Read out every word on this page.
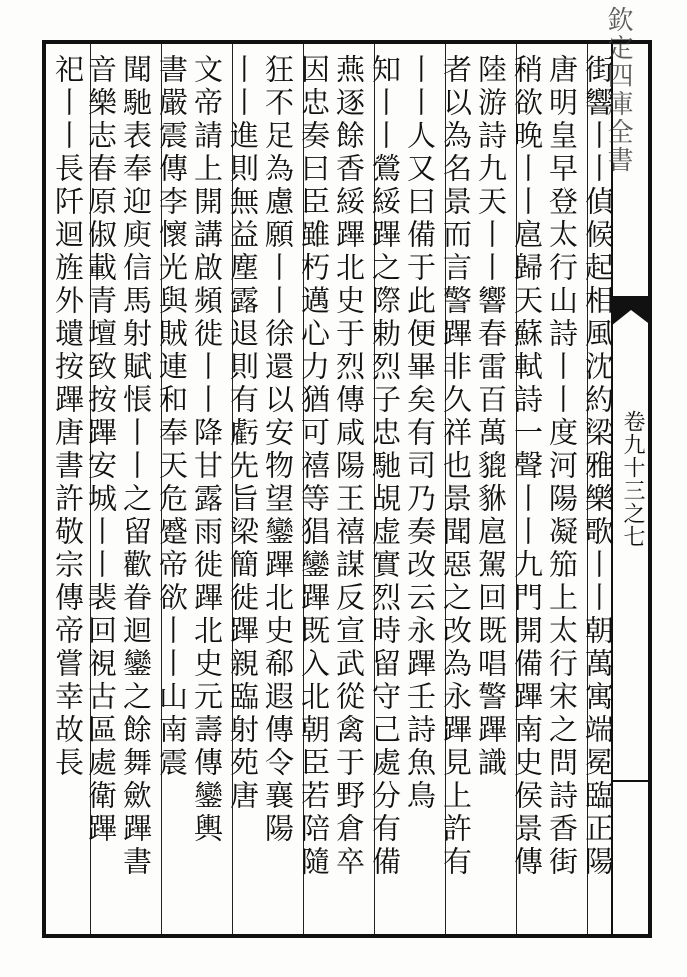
欽定四庫全書
卷九十三之七
街響丨丨偵候起相風沈約梁雅樂歌丨丨朝萬寓端冕臨正陽
唐明皇早登太行山詩丨丨度河陽凝笳上太行宋之問詩香街
稍欲晚丨丨扈歸天蘇軾詩一聲丨丨九門開備蹕南史侯景傳
陸游詩九天丨丨響春雷百萬貔貅扈駕回既唱警蹕識
者以為名景而言警蹕非久祥也景聞惡之改為永蹕見上許有
丨丨人又曰備于此便畢矣有司乃奏改云永蹕壬詩魚鳥
知丨丨鶯綏蹕之際勅烈子忠馳覘虚實烈時留守己處分有備
燕逐餘香綏蹕北史于烈傳咸陽王禧謀反宣武從禽于野倉卒
因忠奏曰臣雖朽邁心力猶可禧等猖鑾蹕既入北朝臣若陪隨
狂不足為慮願丨丨徐還以安物望鑾蹕北史郗遐傳令襄陽
丨丨進則無益塵露退則有虧先旨梁簡徙蹕親臨射苑唐
文帝請上開講啟頻徙丨丨降甘露雨徙蹕北史元壽傳鑾輿
書嚴震傳李懷光與賊連和奉天危蹙帝欲丨丨山南震
聞馳表奉迎庾信馬射賦悵丨丨之留歡眷迴鑾之餘舞歛蹕書
音樂志春原俶載青壇致按蹕安城丨丨裴回視古區處衛蹕
祀丨丨長阡迴旌外壝按蹕唐書許敬宗傳帝嘗幸故長
